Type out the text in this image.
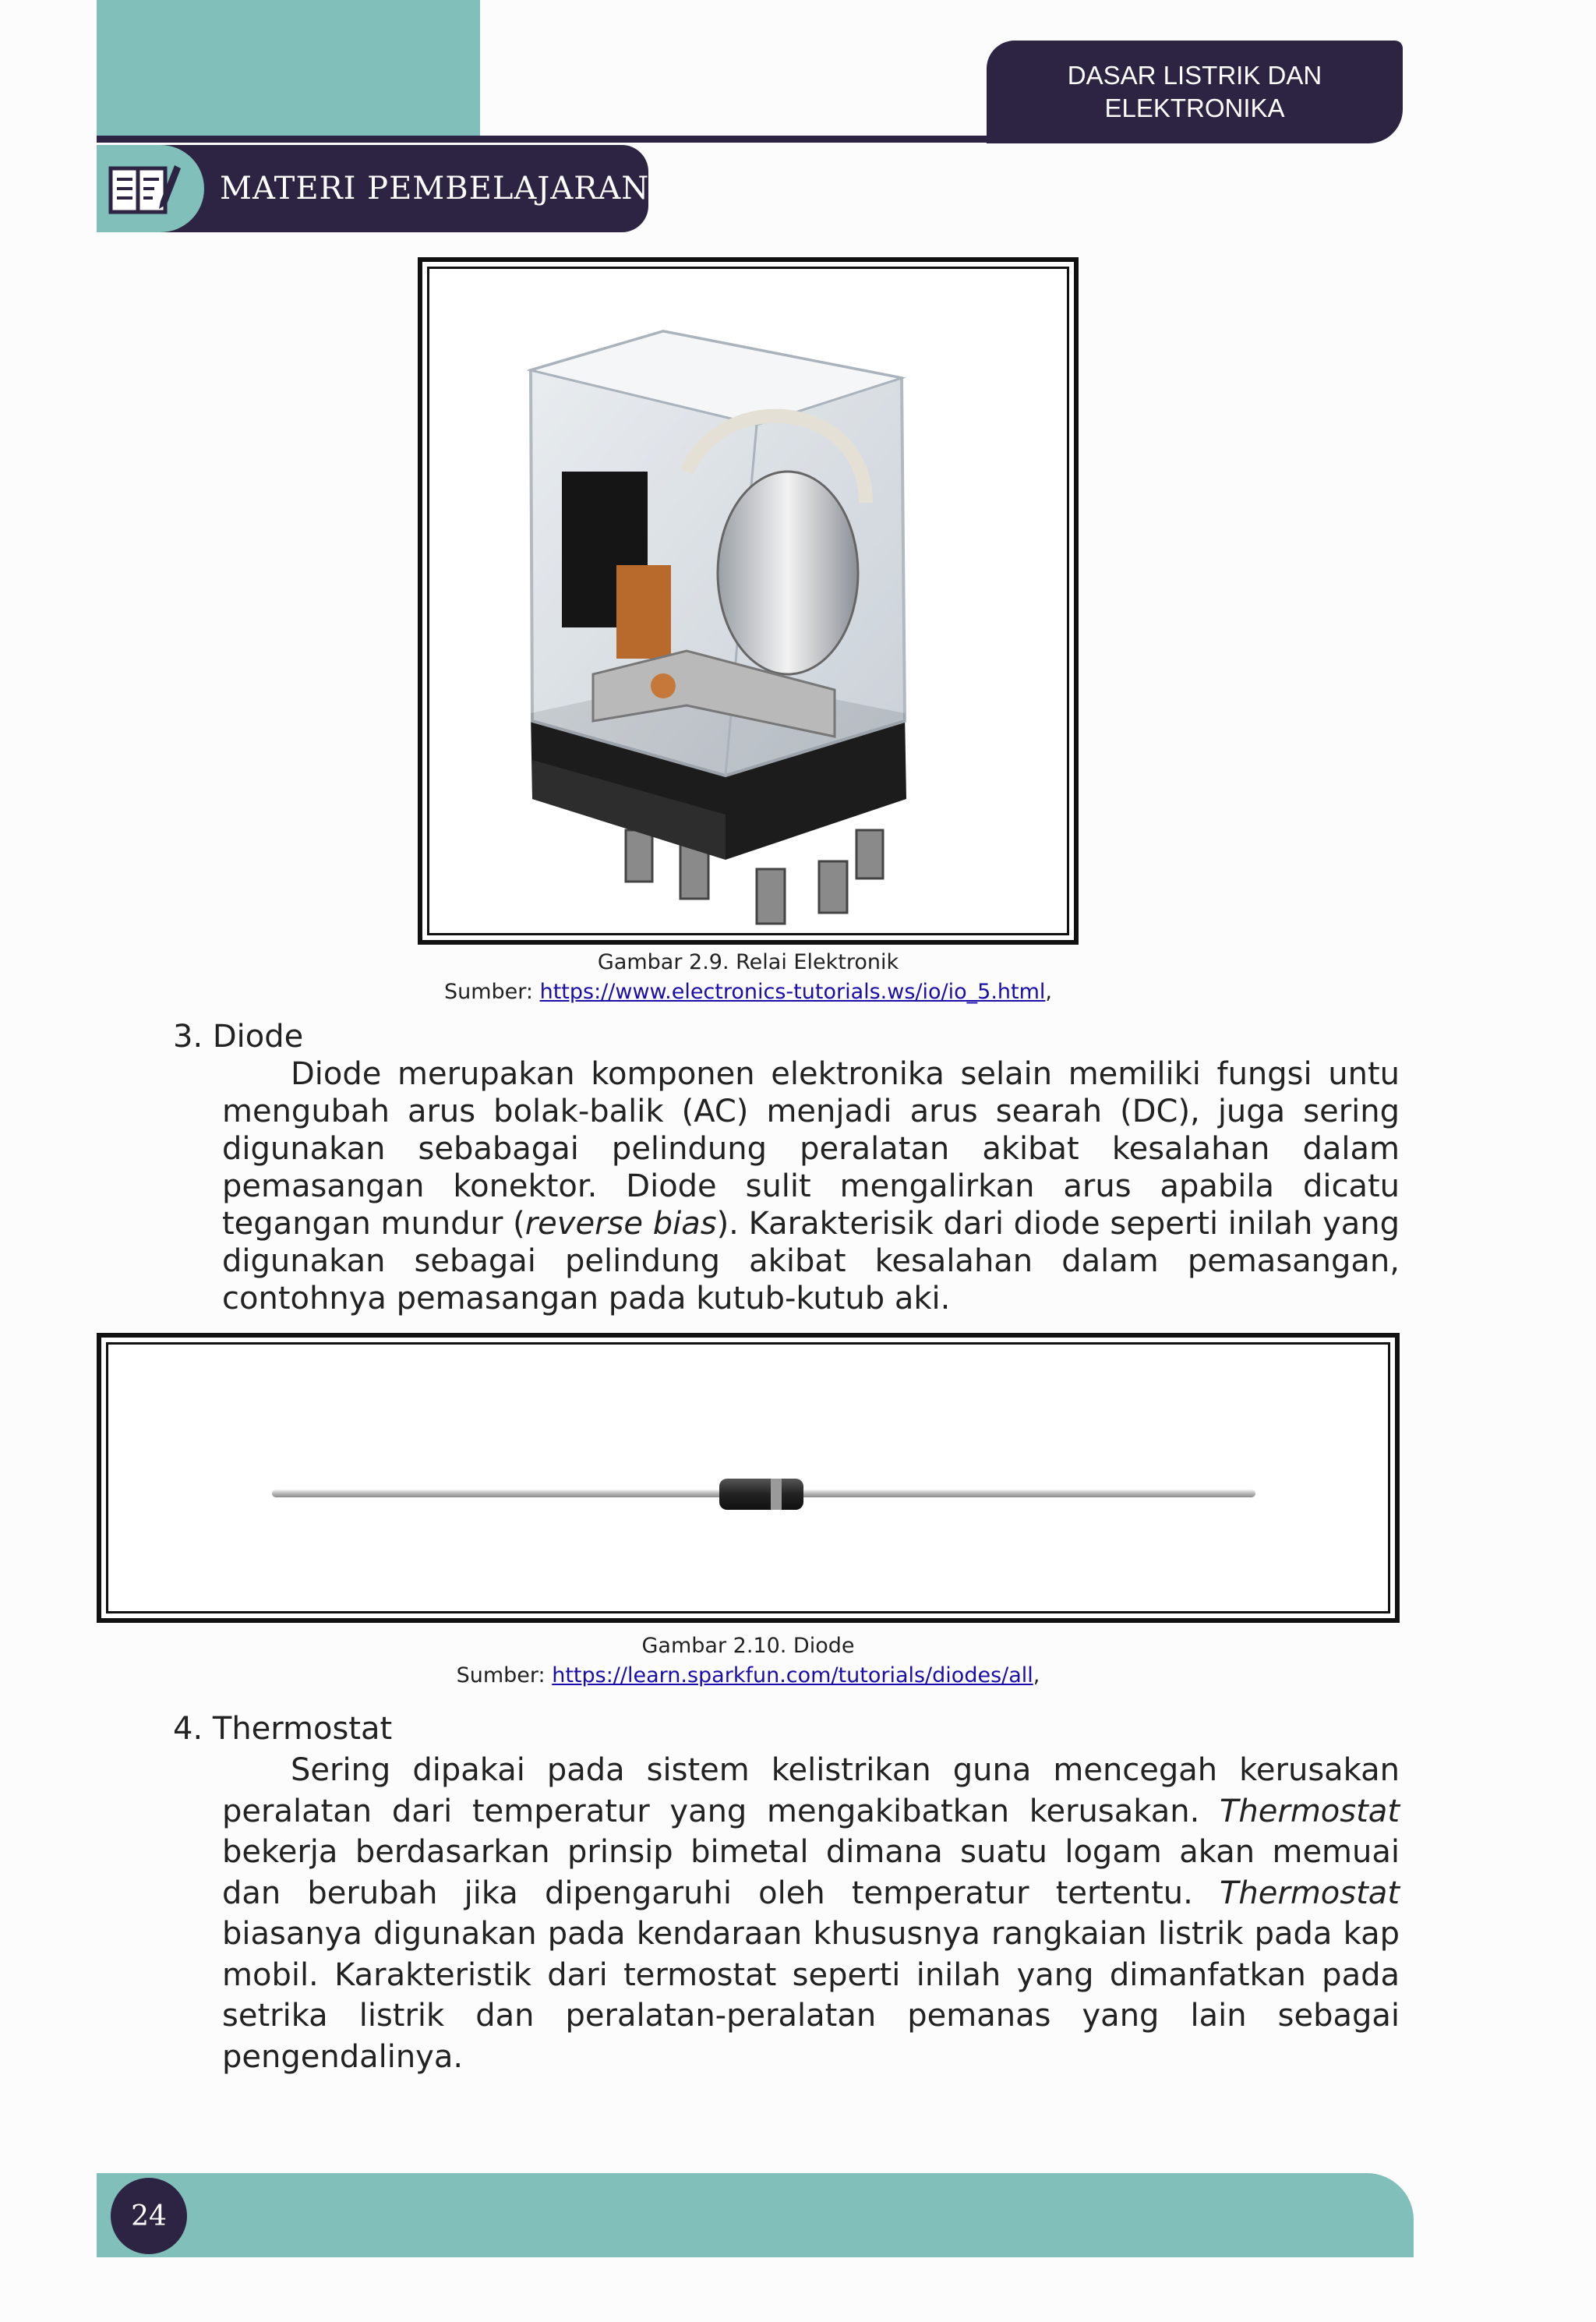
DASAR LISTRIK DAN
ELEKTRONIKA
MATERI PEMBELAJARAN
Gambar 2.9. Relai Elektronik
Sumber: https://www.electronics-tutorials.ws/io/io_5.html,
3. Diode

Diode merupakan komponen elektronika selain memiliki fungsi untu mengubah arus bolak-balik (AC) menjadi arus searah (DC), juga sering digunakan sebabagai pelindung peralatan akibat kesalahan dalam pemasangan konektor. Diode sulit mengalirkan arus apabila dicatu tegangan mundur (reverse bias). Karakterisik dari diode seperti inilah yang digunakan sebagai pelindung akibat kesalahan dalam pemasangan, contohnya pemasangan pada kutub-kutub aki.

Gambar 2.10. Diode
Sumber: https://learn.sparkfun.com/tutorials/diodes/all,
4. Thermostat

Sering dipakai pada sistem kelistrikan guna mencegah kerusakan peralatan dari temperatur yang mengakibatkan kerusakan. Thermostat bekerja berdasarkan prinsip bimetal dimana suatu logam akan memuai dan berubah jika dipengaruhi oleh temperatur tertentu. Thermostat biasanya digunakan pada kendaraan khususnya rangkaian listrik pada kap mobil. Karakteristik dari termostat seperti inilah yang dimanfatkan pada setrika listrik dan peralatan-peralatan pemanas yang lain sebagai pengendalinya.

24
